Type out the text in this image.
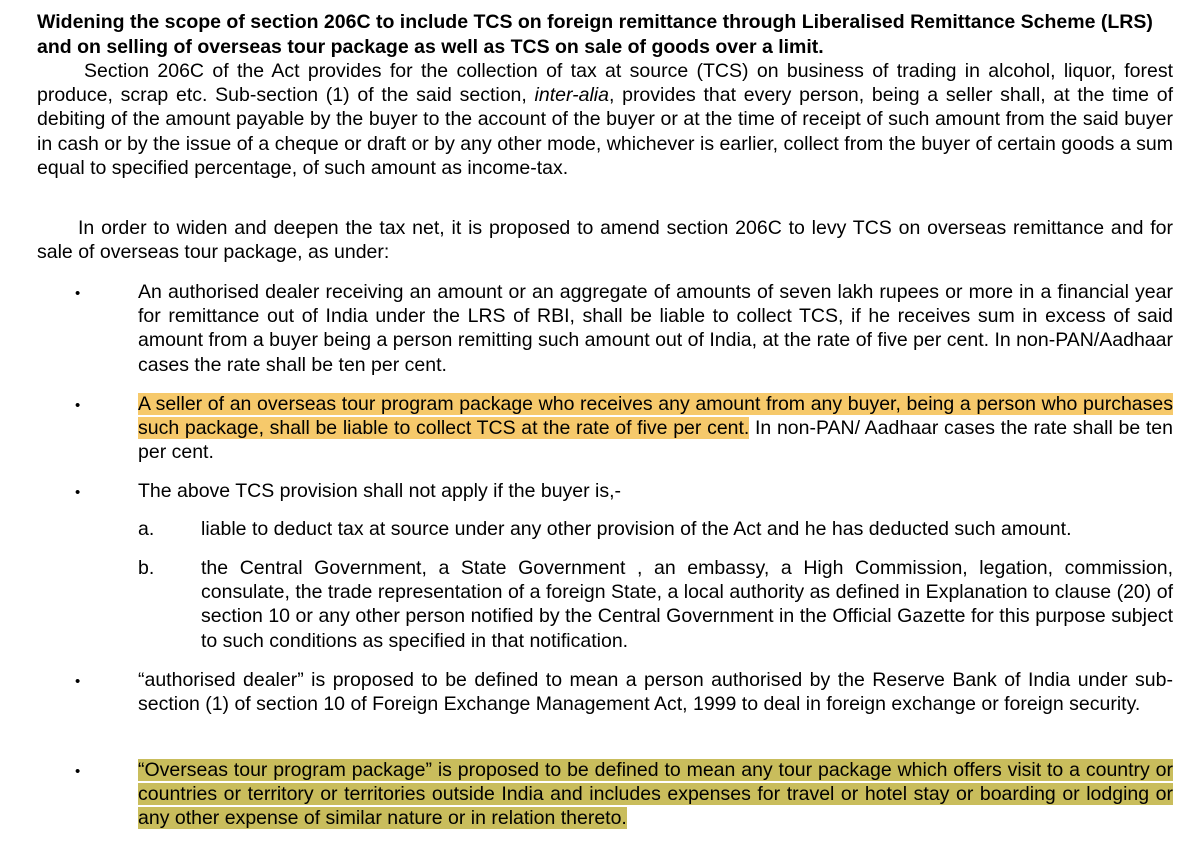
Widening the scope of section 206C to include TCS on foreign remittance through Liberalised Remittance Scheme (LRS) and on selling of overseas tour package as well as TCS on sale of goods over a limit.
Section 206C of the Act provides for the collection of tax at source (TCS) on business of trading in alcohol, liquor, forest produce, scrap etc. Sub-section (1) of the said section, inter-alia, provides that every person, being a seller shall, at the time of debiting of the amount payable by the buyer to the account of the buyer or at the time of receipt of such amount from the said buyer in cash or by the issue of a cheque or draft or by any other mode, whichever is earlier, collect from the buyer of certain goods a sum equal to specified percentage, of such amount as income-tax.
In order to widen and deepen the tax net, it is proposed to amend section 206C to levy TCS on overseas remittance and for sale of overseas tour package, as under:
•	An authorised dealer receiving an amount or an aggregate of amounts of seven lakh rupees or more in a financial year for remittance out of India under the LRS of RBI, shall be liable to collect TCS, if he receives sum in excess of said amount from a buyer being a person remitting such amount out of India, at the rate of five per cent. In non-PAN/Aadhaar cases the rate shall be ten per cent.
•	A seller of an overseas tour program package who receives any amount from any buyer, being a person who purchases such package, shall be liable to collect TCS at the rate of five per cent. In non-PAN/ Aadhaar cases the rate shall be ten per cent.
•	The above TCS provision shall not apply if the buyer is,-
a. liable to deduct tax at source under any other provision of the Act and he has deducted such amount.
b. the Central Government, a State Government , an embassy, a High Commission, legation, commission, consulate, the trade representation of a foreign State, a local authority as defined in Explanation to clause (20) of section 10 or any other person notified by the Central Government in the Official Gazette for this purpose subject to such conditions as specified in that notification.
•	“authorised dealer” is proposed to be defined to mean a person authorised by the Reserve Bank of India under sub-section (1) of section 10 of Foreign Exchange Management Act, 1999 to deal in foreign exchange or foreign security.
•	“Overseas tour program package” is proposed to be defined to mean any tour package which offers visit to a country or countries or territory or territories outside India and includes expenses for travel or hotel stay or boarding or lodging or any other expense of similar nature or in relation thereto.
